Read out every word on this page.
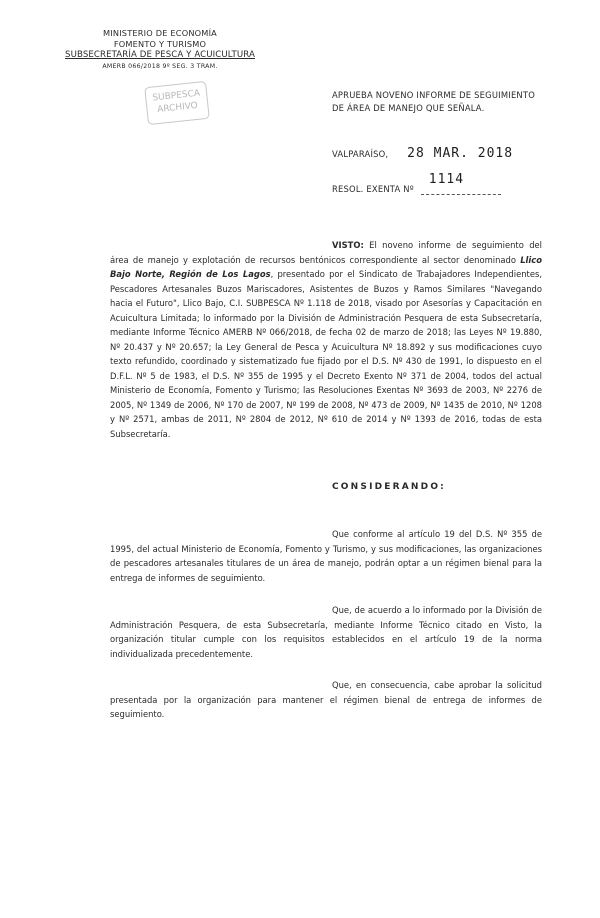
MINISTERIO DE ECONOMÍA
FOMENTO Y TURISMO
SUBSECRETARÍA DE PESCA Y ACUICULTURA
AMERB 066/2018 9º SEG. 3 TRAM.
SUBPESCA
ARCHIVO
APRUEBA NOVENO INFORME DE SEGUIMIENTO DE ÁREA DE MANEJO QUE SEÑALA.
VALPARAÍSO, 28 MAR. 2018
RESOL. EXENTA Nº
1114

VISTO: El noveno informe de seguimiento del área de manejo y explotación de recursos bentónicos correspondiente al sector denominado Llico Bajo Norte, Región de Los Lagos, presentado por el Sindicato de Trabajadores Independientes, Pescadores Artesanales Buzos Mariscadores, Asistentes de Buzos y Ramos Similares "Navegando hacia el Futuro", Llico Bajo, C.I. SUBPESCA Nº 1.118 de 2018, visado por Asesorías y Capacitación en Acuicultura Limitada; lo informado por la División de Administración Pesquera de esta Subsecretaría, mediante Informe Técnico AMERB Nº 066/2018, de fecha 02 de marzo de 2018; las Leyes Nº 19.880, Nº 20.437 y Nº 20.657; la Ley General de Pesca y Acuicultura Nº 18.892 y sus modificaciones cuyo texto refundido, coordinado y sistematizado fue fijado por el D.S. Nº 430 de 1991, lo dispuesto en el D.F.L. Nº 5 de 1983, el D.S. Nº 355 de 1995 y el Decreto Exento Nº 371 de 2004, todos del actual Ministerio de Economía, Fomento y Turismo; las Resoluciones Exentas Nº 3693 de 2003, Nº 2276 de 2005, Nº 1349 de 2006, Nº 170 de 2007, Nº 199 de 2008, Nº 473 de 2009, Nº 1435 de 2010, Nº 1208 y Nº 2571, ambas de 2011, Nº 2804 de 2012, Nº 610 de 2014 y Nº 1393 de 2016, todas de esta Subsecretaría.
CONSIDERANDO:
Que conforme al artículo 19 del D.S. Nº 355 de 1995, del actual Ministerio de Economía, Fomento y Turismo, y sus modificaciones, las organizaciones de pescadores artesanales titulares de un área de manejo, podrán optar a un régimen bienal para la entrega de informes de seguimiento.
Que, de acuerdo a lo informado por la División de Administración Pesquera, de esta Subsecretaría, mediante Informe Técnico citado en Visto, la organización titular cumple con los requisitos establecidos en el artículo 19 de la norma individualizada precedentemente.
Que, en consecuencia, cabe aprobar la solicitud presentada por la organización para mantener el régimen bienal de entrega de informes de seguimiento.
